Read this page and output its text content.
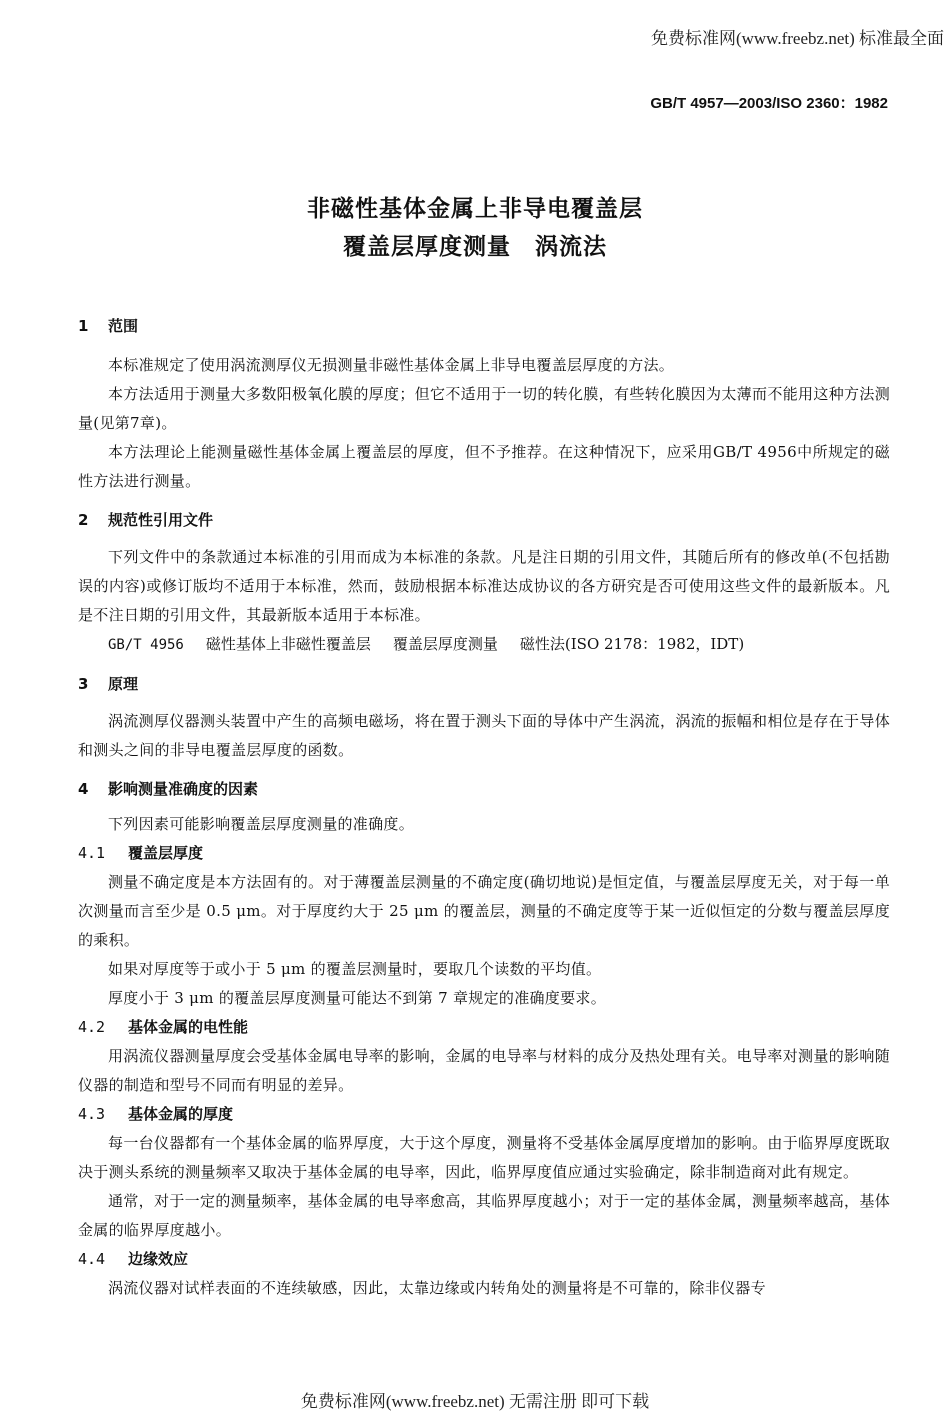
免费标准网(www.freebz.net) 标准最全面
GB/T 4957—2003/ISO 2360：1982
非磁性基体金属上非导电覆盖层
覆盖层厚度测量　涡流法
1 范围

本标准规定了使用涡流测厚仪无损测量非磁性基体金属上非导电覆盖层厚度的方法。

本方法适用于测量大多数阳极氧化膜的厚度；但它不适用于一切的转化膜，有些转化膜因为太薄而不能用这种方法测量(见第7章)。

本方法理论上能测量磁性基体金属上覆盖层的厚度，但不予推荐。在这种情况下，应采用GB/T 4956中所规定的磁性方法进行测量。

2 规范性引用文件

下列文件中的条款通过本标准的引用而成为本标准的条款。凡是注日期的引用文件，其随后所有的修改单(不包括勘误的内容)或修订版均不适用于本标准，然而，鼓励根据本标准达成协议的各方研究是否可使用这些文件的最新版本。凡是不注日期的引用文件，其最新版本适用于本标准。

GB/T 4956 磁性基体上非磁性覆盖层 覆盖层厚度测量 磁性法(ISO 2178：1982，IDT)
3 原理

涡流测厚仪器测头装置中产生的高频电磁场，将在置于测头下面的导体中产生涡流，涡流的振幅和相位是存在于导体和测头之间的非导电覆盖层厚度的函数。

4 影响测量准确度的因素

下列因素可能影响覆盖层厚度测量的准确度。

4.1 覆盖层厚度

测量不确定度是本方法固有的。对于薄覆盖层测量的不确定度(确切地说)是恒定值，与覆盖层厚度无关，对于每一单次测量而言至少是 0.5 μm。对于厚度约大于 25 μm 的覆盖层，测量的不确定度等于某一近似恒定的分数与覆盖层厚度的乘积。

如果对厚度等于或小于 5 μm 的覆盖层测量时，要取几个读数的平均值。

厚度小于 3 μm 的覆盖层厚度测量可能达不到第 7 章规定的准确度要求。

4.2 基体金属的电性能

用涡流仪器测量厚度会受基体金属电导率的影响，金属的电导率与材料的成分及热处理有关。电导率对测量的影响随仪器的制造和型号不同而有明显的差异。

4.3 基体金属的厚度

每一台仪器都有一个基体金属的临界厚度，大于这个厚度，测量将不受基体金属厚度增加的影响。由于临界厚度既取决于测头系统的测量频率又取决于基体金属的电导率，因此，临界厚度值应通过实验确定，除非制造商对此有规定。

通常，对于一定的测量频率，基体金属的电导率愈高，其临界厚度越小；对于一定的基体金属，测量频率越高，基体金属的临界厚度越小。

4.4 边缘效应

涡流仪器对试样表面的不连续敏感，因此，太靠边缘或内转角处的测量将是不可靠的，除非仪器专

免费标准网(www.freebz.net) 无需注册 即可下载
